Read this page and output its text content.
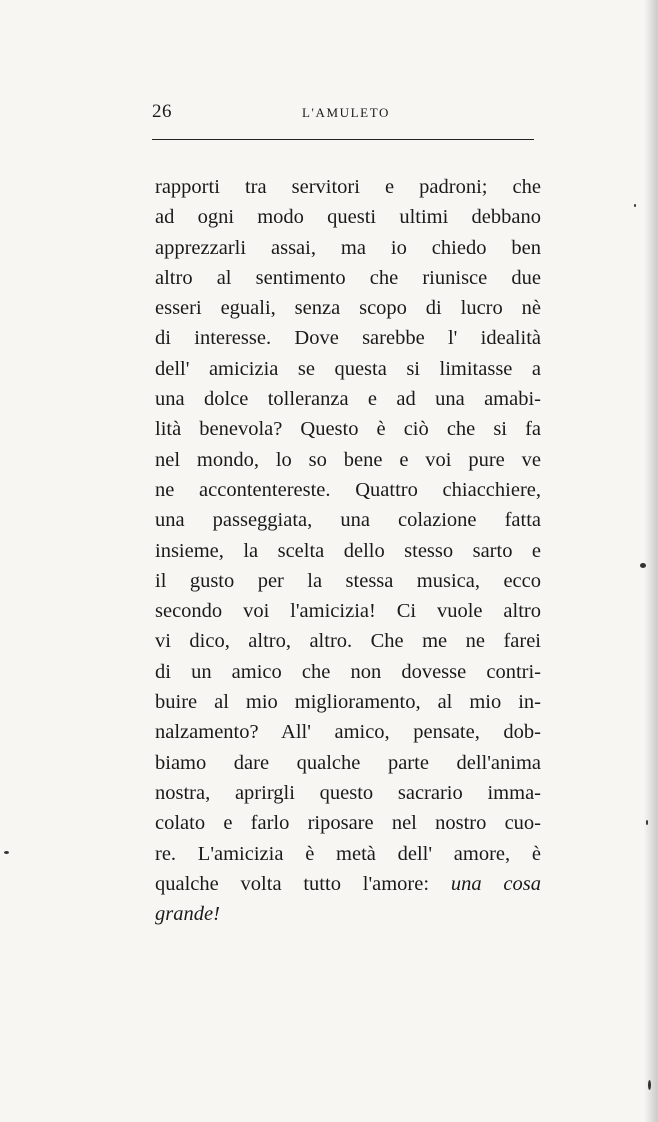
26	L'AMULETO
rapporti tra servitori e padroni; che
ad ogni modo questi ultimi debbano
apprezzarli assai, ma io chiedo ben
altro al sentimento che riunisce due
esseri eguali, senza scopo di lucro nè
di interesse. Dove sarebbe l' idealità
dell' amicizia se questa si limitasse a
una dolce tolleranza e ad una amabi-
lità benevola? Questo è ciò che si fa
nel mondo, lo so bene e voi pure ve
ne accontentereste. Quattro chiacchiere,
una passeggiata, una colazione fatta
insieme, la scelta dello stesso sarto e
il gusto per la stessa musica, ecco
secondo voi l'amicizia! Ci vuole altro
vi dico, altro, altro. Che me ne farei
di un amico che non dovesse contri-
buire al mio miglioramento, al mio in-
nalzamento? All' amico, pensate, dob-
biamo dare qualche parte dell'anima
nostra, aprirgli questo sacrario imma-
colato e farlo riposare nel nostro cuo-
re. L'amicizia è metà dell' amore, è
qualche volta tutto l'amore: una cosa
grande!
